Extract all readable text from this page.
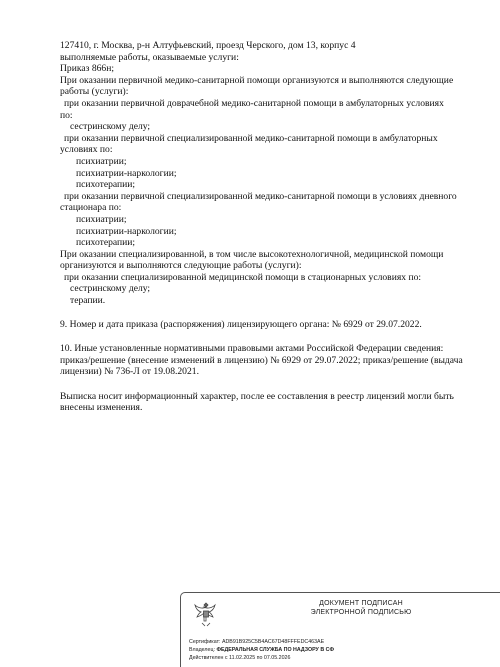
127410, г. Москва, р-н Алтуфьевский, проезд Черского, дом 13, корпус 4
выполняемые работы, оказываемые услуги:
Приказ 866н;
При оказании первичной медико-санитарной помощи организуются и выполняются следующие
работы (услуги):
при оказании первичной доврачебной медико-санитарной помощи в амбулаторных условиях
по:
сестринскому делу;
при оказании первичной специализированной медико-санитарной помощи в амбулаторных
условиях по:
психиатрии;
психиатрии-наркологии;
психотерапии;
при оказании первичной специализированной медико-санитарной помощи в условиях дневного
стационара по:
психиатрии;
психиатрии-наркологии;
психотерапии;
При оказании специализированной, в том числе высокотехнологичной, медицинской помощи
организуются и выполняются следующие работы (услуги):
при оказании специализированной медицинской помощи в стационарных условиях по:
сестринскому делу;
терапии.
9. Номер и дата приказа (распоряжения) лицензирующего органа: № 6929 от 29.07.2022.
10. Иные установленные нормативными правовыми актами Российской Федерации сведения:
приказ/решение (внесение изменений в лицензию) № 6929 от 29.07.2022; приказ/решение (выдача
лицензии) № 736-Л от 19.08.2021.
Выписка носит информационный характер, после ее составления в реестр лицензий могли быть
внесены изменения.
ДОКУМЕНТ ПОДПИСАН
ЭЛЕКТРОННОЙ ПОДПИСЬЮ
Сертификат: ADB91B925C5B4AC67D48FFFEDC463AE
Владелец: ФЕДЕРАЛЬНАЯ СЛУЖБА ПО НАДЗОРУ В СФ
Действителен с 11.02.2025 по 07.05.2026
